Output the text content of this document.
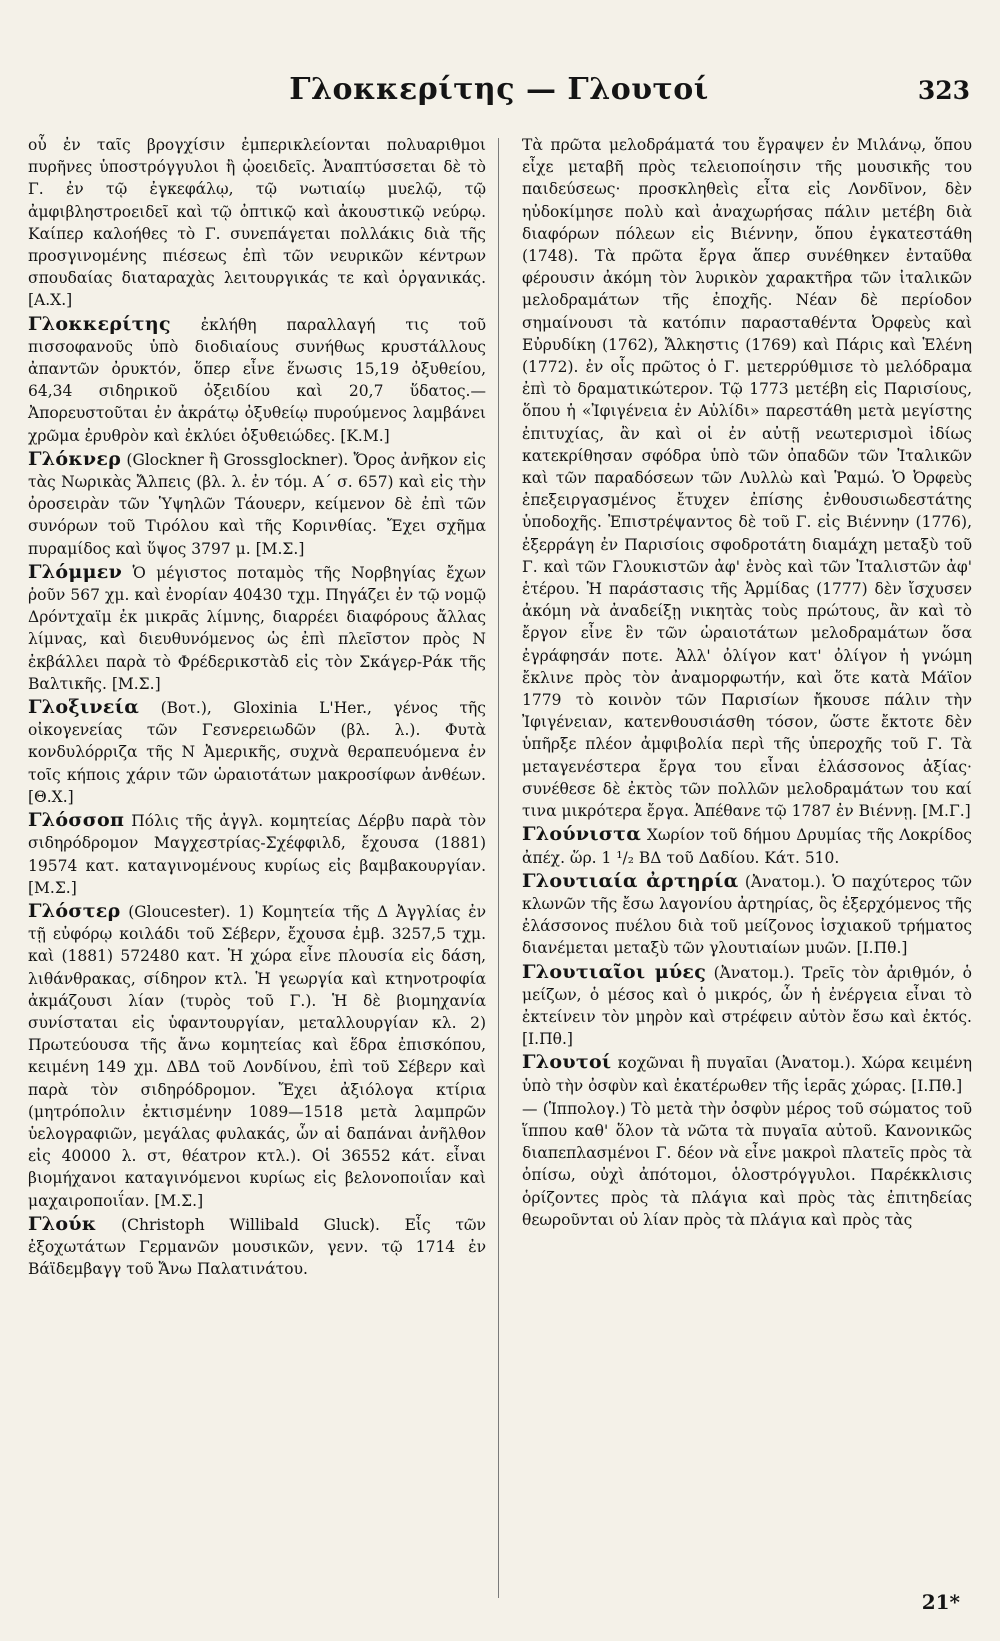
Γλοκκερίτης — Γλουτοί	323
οὗ ἐν ταῖς βρογχίσιν ἐμπερικλείονται πολυαριθμοι πυρῆνες ὑποστρόγγυλοι ἢ ᾠοειδεῖς. Ἀναπτύσσεται δὲ τὸ Γ. ἐν τῷ ἐγκεφάλῳ, τῷ νωτιαίῳ μυελῷ, τῷ ἀμφιβληστροειδεῖ καὶ τῷ ὀπτικῷ καὶ ἀκουστικῷ νεύρῳ. Καίπερ καλοήθες τὸ Γ. συνεπάγεται πολλάκις διὰ τῆς προσγινομένης πιέσεως ἐπὶ τῶν νευρικῶν κέντρων σπουδαίας διαταραχὰς λειτουργικάς τε καὶ ὀργανικάς. [Α.Χ.]
Γλοκκερίτης ἐκλήθη παραλλαγή τις τοῦ πισσοφανοῦς ὑπὸ διοδιαίους συνήθως κρυστάλλους ἀπαντῶν ὀρυκτόν, ὅπερ εἶνε ἕνωσις 15,19 ὀξυθείου, 64,34 σιδηρικοῦ ὀξειδίου καὶ 20,7 ὕδατος.—Ἀπορευστοῦται ἐν ἀκράτῳ ὀξυθείῳ πυρούμενος λαμβάνει χρῶμα ἐρυθρὸν καὶ ἐκλύει ὀξυθειώδες. [Κ.Μ.]
Γλόκνερ (Glockner ἢ Grossglockner). Ὄρος ἀνῆκον εἰς τὰς Νωρικὰς Ἄλπεις (βλ. λ. ἐν τόμ. Α΄ σ. 657) καὶ εἰς τὴν ὀροσειρὰν τῶν Ὑψηλῶν Τάουερν, κείμενον δὲ ἐπὶ τῶν συνόρων τοῦ Τιρόλου καὶ τῆς Κορινθίας. Ἔχει σχῆμα πυραμίδος καὶ ὕψος 3797 μ. [Μ.Σ.]
Γλόμμεν Ὁ μέγιστος ποταμὸς τῆς Νορβηγίας ἔχων ῥοῦν 567 χμ. καὶ ἐνορίαν 40430 τχμ. Πηγάζει ἐν τῷ νομῷ Δρόντχαϊμ ἐκ μικρᾶς λίμνης, διαρρέει διαφόρους ἄλλας λίμνας, καὶ διευθυνόμενος ὡς ἐπὶ πλεῖστον πρὸς Ν ἐκβάλλει παρὰ τὸ Φρέδερικστὰδ εἰς τὸν Σκάγερ-Ράκ τῆς Βαλτικῆς. [Μ.Σ.]
Γλοξινεία (Βοτ.), Gloxinia L'Her., γένος τῆς οἰκογενείας τῶν Γεσνερειωδῶν (βλ. λ.). Φυτὰ κονδυλόρριζα τῆς Ν Ἀμερικῆς, συχνὰ θεραπευόμενα ἐν τοῖς κήποις χάριν τῶν ὡραιοτάτων μακροσίφων ἀνθέων. [Θ.Χ.]
Γλόσσοπ Πόλις τῆς ἀγγλ. κομητείας Δέρβυ παρὰ τὸν σιδηρόδρομον Μαγχεστρίας-Σχέφφιλδ, ἔχουσα (1881) 19574 κατ. καταγινομένους κυρίως εἰς βαμβακουργίαν. [Μ.Σ.]
Γλόστερ (Gloucester). 1) Κομητεία τῆς Δ Ἀγγλίας ἐν τῇ εὐφόρῳ κοιλάδι τοῦ Σέβερν, ἔχουσα ἐμβ. 3257,5 τχμ. καὶ (1881) 572480 κατ. Ἡ χώρα εἶνε πλουσία εἰς δάση, λιθάνθρακας, σίδηρον κτλ. Ἡ γεωργία καὶ κτηνοτροφία ἀκμάζουσι λίαν (τυρὸς τοῦ Γ.). Ἡ δὲ βιομηχανία συνίσταται εἰς ὑφαντουργίαν, μεταλλουργίαν κλ. 2) Πρωτεύουσα τῆς ἄνω κομητείας καὶ ἕδρα ἐπισκόπου, κειμένη 149 χμ. ΔΒΔ τοῦ Λονδίνου, ἐπὶ τοῦ Σέβερν καὶ παρὰ τὸν σιδηρόδρομον. Ἔχει ἀξιόλογα κτίρια (μητρόπολιν ἐκτισμένην 1089—1518 μετὰ λαμπρῶν ὑελογραφιῶν, μεγάλας φυλακάς, ὧν αἱ δαπάναι ἀνῆλθον εἰς 40000 λ. στ, θέατρον κτλ.). Οἱ 36552 κάτ. εἶναι βιομήχανοι καταγινόμενοι κυρίως εἰς βελονοποιΐαν καὶ μαχαιροποιΐαν. [Μ.Σ.]
Γλούκ (Christoph Willibald Gluck). Εἷς τῶν ἐξοχωτάτων Γερμανῶν μουσικῶν, γενν. τῷ 1714 ἐν Βάϊδεμβαγγ τοῦ Ἄνω Παλατινάτου.
Τὰ πρῶτα μελοδράματά του ἔγραψεν ἐν Μιλάνῳ, ὅπου εἶχε μεταβῆ πρὸς τελειοποίησιν τῆς μουσικῆς του παιδεύσεως· προσκληθεὶς εἶτα εἰς Λονδῖνον, δὲν ηὐδοκίμησε πολὺ καὶ ἀναχωρήσας πάλιν μετέβη διὰ διαφόρων πόλεων εἰς Βιέννην, ὅπου ἐγκατεστάθη (1748). Τὰ πρῶτα ἔργα ἅπερ συνέθηκεν ἐνταῦθα φέρουσιν ἀκόμη τὸν λυρικὸν χαρακτῆρα τῶν ἰταλικῶν μελοδραμάτων τῆς ἐποχῆς. Νέαν δὲ περίοδον σημαίνουσι τὰ κατόπιν παρασταθέντα Ὀρφεὺς καὶ Εὐρυδίκη (1762), Ἄλκηστις (1769) καὶ Πάρις καὶ Ἑλένη (1772). ἐν οἷς πρῶτος ὁ Γ. μετερρύθμισε τὸ μελόδραμα ἐπὶ τὸ δραματικώτερον. Τῷ 1773 μετέβη εἰς Παρισίους, ὅπου ἡ «Ἰφιγένεια ἐν Αὐλίδι» παρεστάθη μετὰ μεγίστης ἐπιτυχίας, ἂν καὶ οἱ ἐν αὐτῇ νεωτερισμοὶ ἰδίως κατεκρίθησαν σφόδρα ὑπὸ τῶν ὀπαδῶν τῶν Ἰταλικῶν καὶ τῶν παραδόσεων τῶν Λυλλὼ καὶ Ῥαμώ. Ὁ Ὀρφεὺς ἐπεξειργασμένος ἔτυχεν ἐπίσης ἐνθουσιωδεστάτης ὑποδοχῆς. Ἐπιστρέψαντος δὲ τοῦ Γ. εἰς Βιέννην (1776), ἐξερράγη ἐν Παρισίοις σφοδροτάτη διαμάχη μεταξὺ τοῦ Γ. καὶ τῶν Γλουκιστῶν ἀφ' ἑνὸς καὶ τῶν Ἰταλιστῶν ἀφ' ἑτέρου. Ἡ παράστασις τῆς Ἀρμίδας (1777) δὲν ἴσχυσεν ἀκόμη νὰ ἀναδείξῃ νικητὰς τοὺς πρώτους, ἂν καὶ τὸ ἔργον εἶνε ἓν τῶν ὡραιοτάτων μελοδραμάτων ὅσα ἐγράφησάν ποτε. Ἀλλ' ὀλίγον κατ' ὀλίγον ἡ γνώμη ἔκλινε πρὸς τὸν ἀναμορφωτήν, καὶ ὅτε κατὰ Μάϊον 1779 τὸ κοινὸν τῶν Παρισίων ἤκουσε πάλιν τὴν Ἰφιγένειαν, κατενθουσιάσθη τόσον, ὥστε ἔκτοτε δὲν ὑπῆρξε πλέον ἀμφιβολία περὶ τῆς ὑπεροχῆς τοῦ Γ. Τὰ μεταγενέστερα ἔργα του εἶναι ἐλάσσονος ἀξίας· συνέθεσε δὲ ἐκτὸς τῶν πολλῶν μελοδραμάτων του καί τινα μικρότερα ἔργα. Ἀπέθανε τῷ 1787 ἐν Βιέννῃ. [Μ.Γ.]
Γλούνιστα Χωρίον τοῦ δήμου Δρυμίας τῆς Λοκρίδος ἀπέχ. ὥρ. 1 ¹/₂ ΒΔ τοῦ Δαδίου. Κάτ. 510.
Γλουτιαία ἀρτηρία (Ἀνατομ.). Ὁ παχύτερος τῶν κλωνῶν τῆς ἔσω λαγονίου ἀρτηρίας, ὃς ἐξερχόμενος τῆς ἐλάσσονος πυέλου διὰ τοῦ μείζονος ἰσχιακοῦ τρήματος διανέμεται μεταξὺ τῶν γλουτιαίων μυῶν. [Ι.Πθ.]
Γλουτιαῖοι μύες (Ἀνατομ.). Τρεῖς τὸν ἀριθμόν, ὁ μείζων, ὁ μέσος καὶ ὁ μικρός, ὧν ἡ ἐνέργεια εἶναι τὸ ἐκτείνειν τὸν μηρὸν καὶ στρέφειν αὐτὸν ἔσω καὶ ἐκτός. [Ι.Πθ.]
Γλουτοί κοχῶναι ἢ πυγαῖαι (Ἀνατομ.). Χώρα κειμένη ὑπὸ τὴν ὀσφὺν καὶ ἑκατέρωθεν τῆς ἱερᾶς χώρας. [Ι.Πθ.]
— (Ἱππολογ.) Τὸ μετὰ τὴν ὀσφὺν μέρος τοῦ σώματος τοῦ ἵππου καθ' ὅλον τὰ νῶτα τὰ πυγαῖα αὐτοῦ. Κανονικῶς διαπεπλασμένοι Γ. δέον νὰ εἶνε μακροὶ πλατεῖς πρὸς τὰ ὀπίσω, οὐχὶ ἀπότομοι, ὁλοστρόγγυλοι. Παρέκκλισις ὁρίζοντες πρὸς τὰ πλάγια καὶ πρὸς τὰς ἐπιτηδείας θεωροῦνται οὐ λίαν πρὸς τὰ πλάγια καὶ πρὸς τὰς
21*
